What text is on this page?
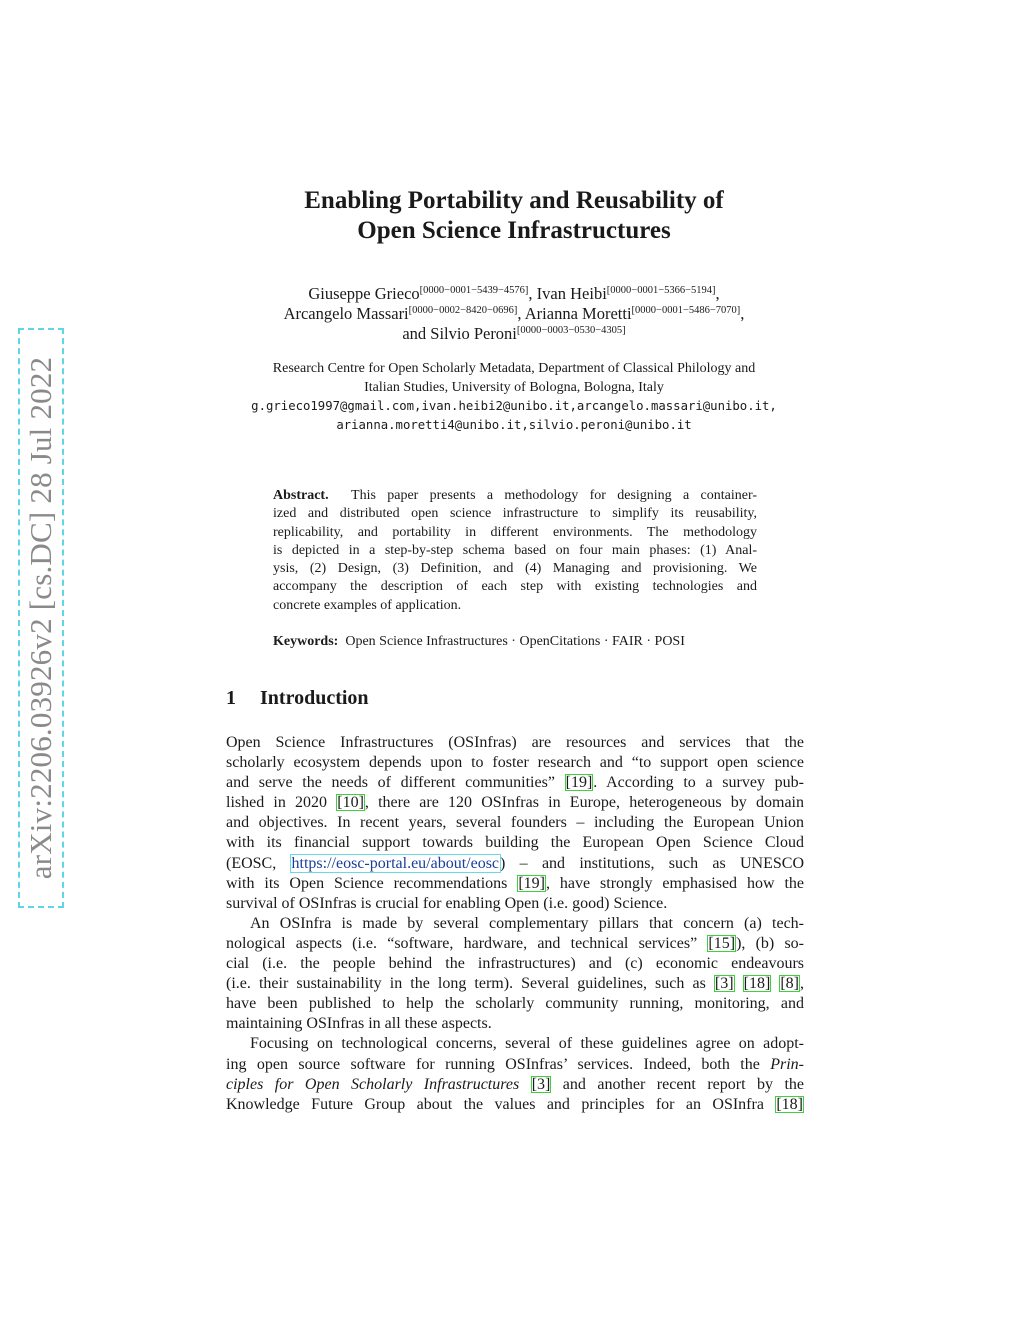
arXiv:2206.03926v2 [cs.DC] 28 Jul 2022
Enabling Portability and Reusability of
Open Science Infrastructures
Giuseppe Grieco[0000−0001−5439−4576], Ivan Heibi[0000−0001−5366−5194],
Arcangelo Massari[0000−0002−8420−0696], Arianna Moretti[0000−0001−5486−7070],
and Silvio Peroni[0000−0003−0530−4305]
Research Centre for Open Scholarly Metadata, Department of Classical Philology and
Italian Studies, University of Bologna, Bologna, Italy
g.grieco1997@gmail.com,ivan.heibi2@unibo.it,arcangelo.massari@unibo.it,
arianna.moretti4@unibo.it,silvio.peroni@unibo.it
Abstract. This paper presents a methodology for designing a container-
ized and distributed open science infrastructure to simplify its reusability,
replicability, and portability in different environments. The methodology
is depicted in a step-by-step schema based on four main phases: (1) Anal-
ysis, (2) Design, (3) Definition, and (4) Managing and provisioning. We
accompany the description of each step with existing technologies and
concrete examples of application.
Keywords: Open Science Infrastructures · OpenCitations · FAIR · POSI
1 Introduction
Open Science Infrastructures (OSInfras) are resources and services that the
scholarly ecosystem depends upon to foster research and “to support open science
and serve the needs of different communities” [19]. According to a survey pub-
lished in 2020 [10], there are 120 OSInfras in Europe, heterogeneous by domain
and objectives. In recent years, several founders – including the European Union
with its financial support towards building the European Open Science Cloud
(EOSC, https://eosc-portal.eu/about/eosc) – and institutions, such as UNESCO
with its Open Science recommendations [19], have strongly emphasised how the
survival of OSInfras is crucial for enabling Open (i.e. good) Science.
An OSInfra is made by several complementary pillars that concern (a) tech-
nological aspects (i.e. “software, hardware, and technical services” [15]), (b) so-
cial (i.e. the people behind the infrastructures) and (c) economic endeavours
(i.e. their sustainability in the long term). Several guidelines, such as [3] [18] [8],
have been published to help the scholarly community running, monitoring, and
maintaining OSInfras in all these aspects.
Focusing on technological concerns, several of these guidelines agree on adopt-
ing open source software for running OSInfras’ services. Indeed, both the Prin-
ciples for Open Scholarly Infrastructures [3] and another recent report by the
Knowledge Future Group about the values and principles for an OSInfra [18]
